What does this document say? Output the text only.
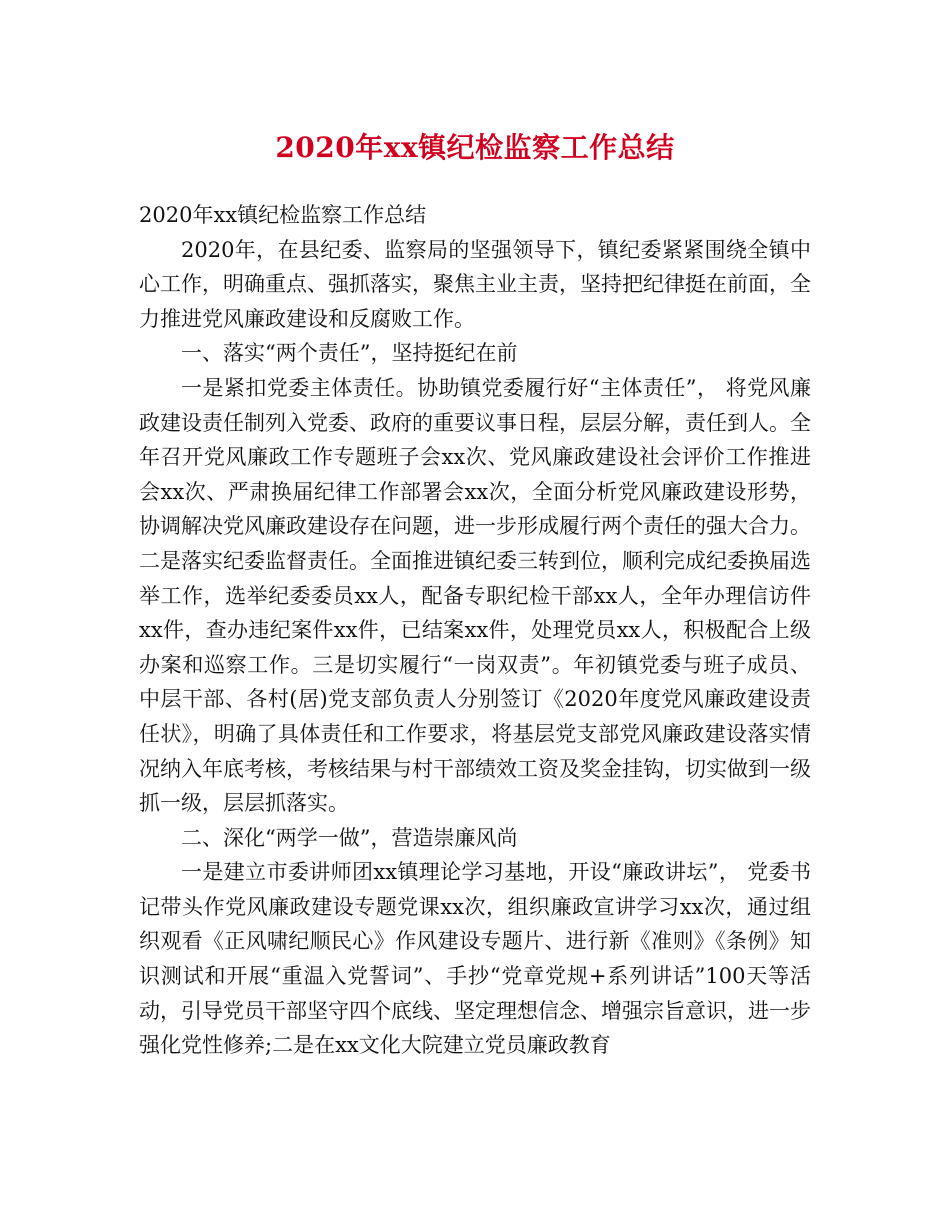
2020年xx镇纪检监察工作总结

2020年xx镇纪检监察工作总结

2020年，在县纪委、监察局的坚强领导下，镇纪委紧紧围绕全镇中心工作，明确重点、强抓落实，聚焦主业主责，坚持把纪律挺在前面，全力推进党风廉政建设和反腐败工作。

一、落实“两个责任”，坚持挺纪在前

一是紧扣党委主体责任。协助镇党委履行好“主体责任”， 将党风廉政建设责任制列入党委、政府的重要议事日程，层层分解，责任到人。全年召开党风廉政工作专题班子会xx次、党风廉政建设社会评价工作推进会xx次、严肃换届纪律工作部署会xx次，全面分析党风廉政建设形势，协调解决党风廉政建设存在问题，进一步形成履行两个责任的强大合力。二是落实纪委监督责任。全面推进镇纪委三转到位，顺利完成纪委换届选举工作，选举纪委委员xx人，配备专职纪检干部xx人，全年办理信访件xx件，查办违纪案件xx件，已结案xx件，处理党员xx人，积极配合上级办案和巡察工作。三是切实履行“一岗双责”。年初镇党委与班子成员、中层干部、各村(居)党支部负责人分别签订《2020年度党风廉政建设责任状》，明确了具体责任和工作要求，将基层党支部党风廉政建设落实情况纳入年底考核，考核结果与村干部绩效工资及奖金挂钩，切实做到一级抓一级，层层抓落实。

二、深化“两学一做”，营造崇廉风尚

一是建立市委讲师团xx镇理论学习基地，开设“廉政讲坛”， 党委书记带头作党风廉政建设专题党课xx次，组织廉政宣讲学习xx次，通过组织观看《正风啸纪顺民心》作风建设专题片、进行新《准则》《条例》知识测试和开展“重温入党誓词”、手抄“党章党规+系列讲话”100天等活动，引导党员干部坚守四个底线、坚定理想信念、增强宗旨意识，进一步强化党性修养;二是在xx文化大院建立党员廉政教育
